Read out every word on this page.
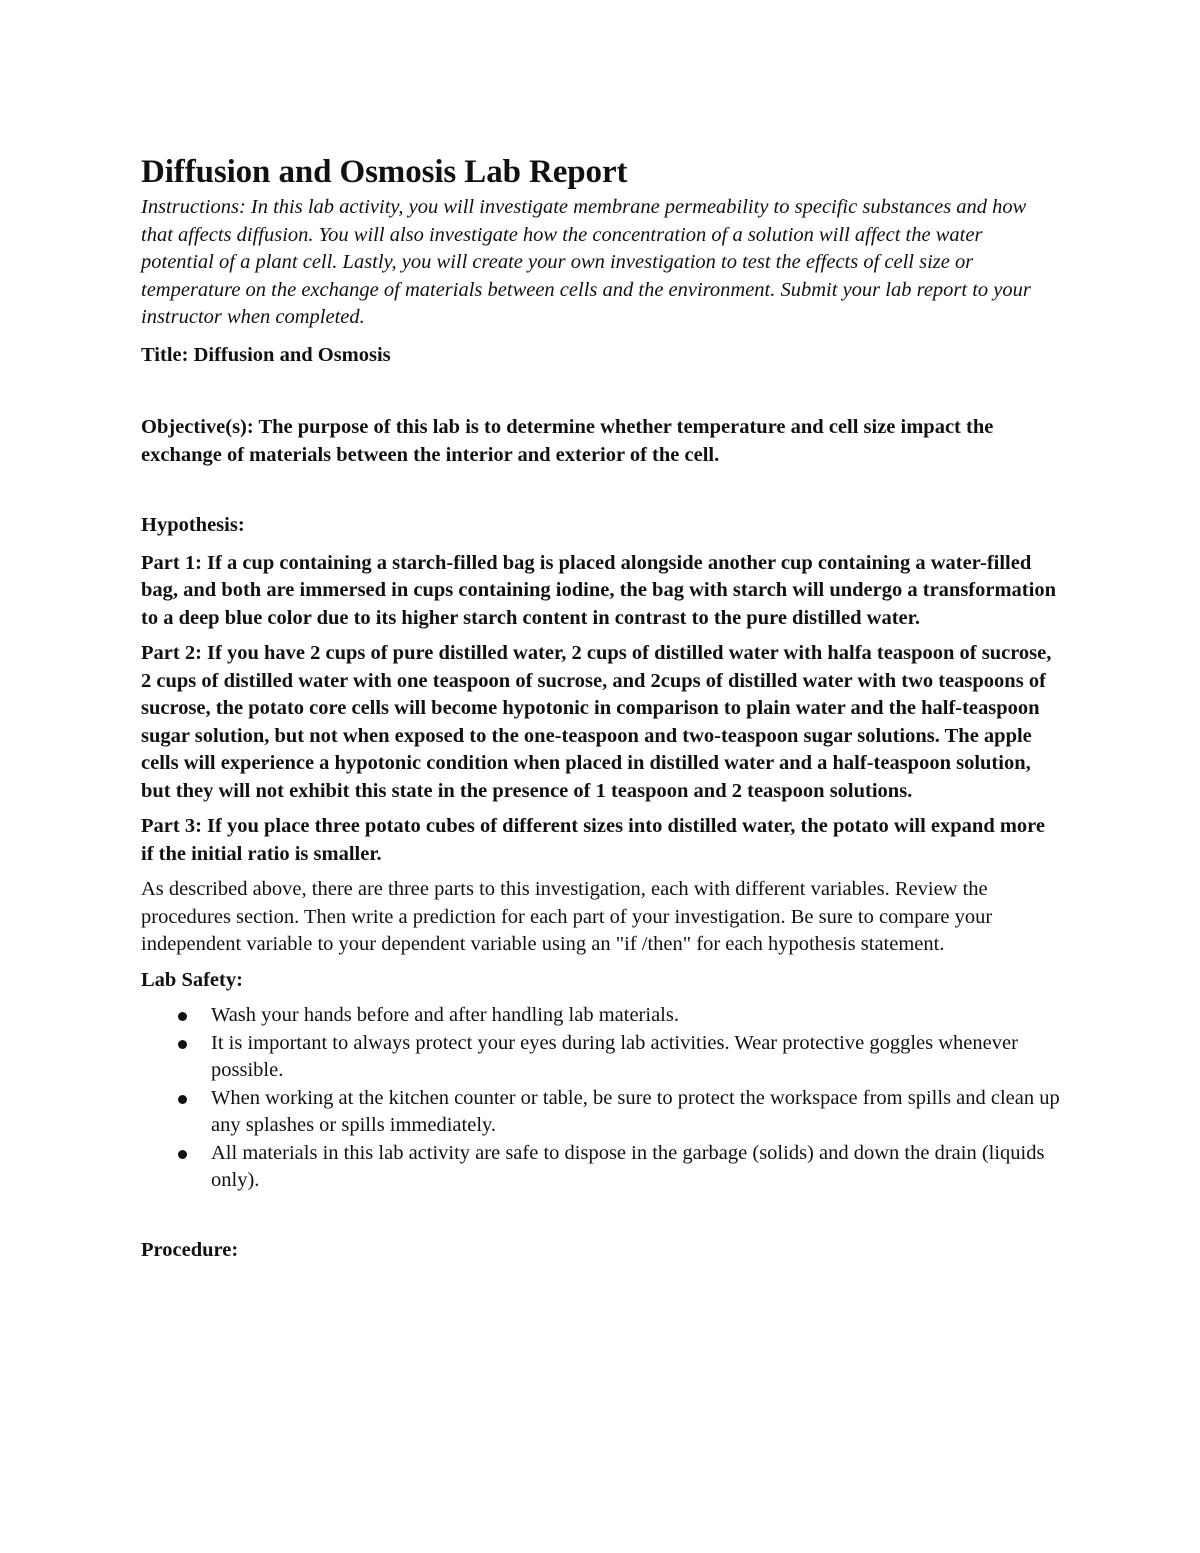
Diffusion and Osmosis Lab Report

Instructions: In this lab activity, you will investigate membrane permeability to specific substances and how that affects diffusion. You will also investigate how the concentration of a solution will affect the water potential of a plant cell. Lastly, you will create your own investigation to test the effects of cell size or temperature on the exchange of materials between cells and the environment. Submit your lab report to your instructor when completed.

Title: Diffusion and Osmosis

Objective(s): The purpose of this lab is to determine whether temperature and cell size impact the exchange of materials between the interior and exterior of the cell.

Hypothesis:

Part 1: If a cup containing a starch-filled bag is placed alongside another cup containing a water-filled bag, and both are immersed in cups containing iodine, the bag with starch will undergo a transformation to a deep blue color due to its higher starch content in contrast to the pure distilled water.

Part 2: If you have 2 cups of pure distilled water, 2 cups of distilled water with halfa teaspoon of sucrose, 2 cups of distilled water with one teaspoon of sucrose, and 2cups of distilled water with two teaspoons of sucrose, the potato core cells will become hypotonic in comparison to plain water and the half-teaspoon sugar solution, but not when exposed to the one-teaspoon and two-teaspoon sugar solutions. The apple cells will experience a hypotonic condition when placed in distilled water and a half-teaspoon solution, but they will not exhibit this state in the presence of 1 teaspoon and 2 teaspoon solutions.

Part 3: If you place three potato cubes of different sizes into distilled water, the potato will expand more if the initial ratio is smaller.

As described above, there are three parts to this investigation, each with different variables. Review the procedures section. Then write a prediction for each part of your investigation. Be sure to compare your independent variable to your dependent variable using an "if /then" for each hypothesis statement.

Lab Safety:

Wash your hands before and after handling lab materials.
It is important to always protect your eyes during lab activities. Wear protective goggles whenever possible.
When working at the kitchen counter or table, be sure to protect the workspace from spills and clean up any splashes or spills immediately.
All materials in this lab activity are safe to dispose in the garbage (solids) and down the drain (liquids only).

Procedure:
